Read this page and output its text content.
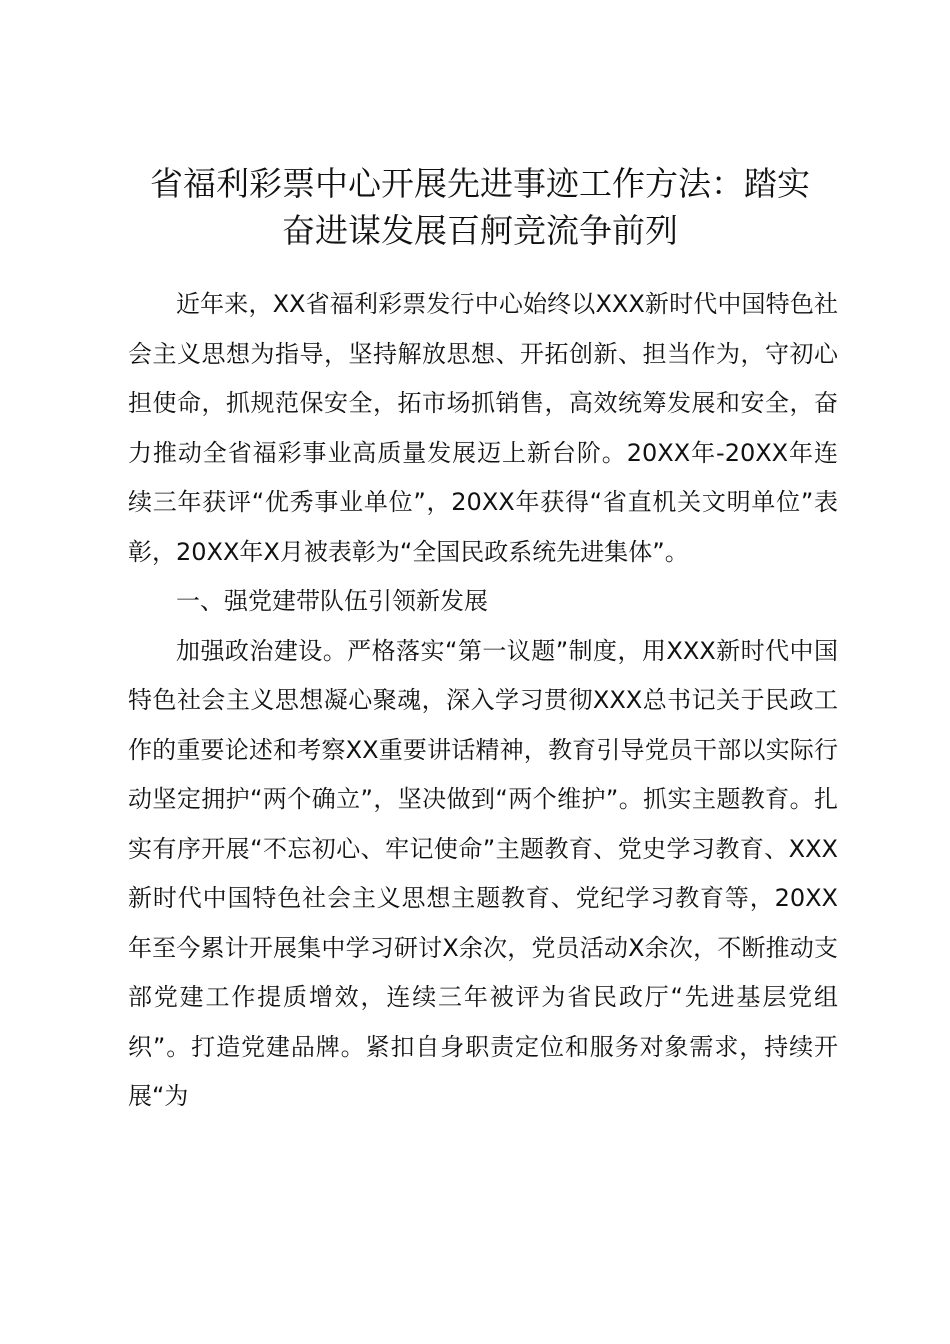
省福利彩票中心开展先进事迹工作方法：踏实
奋进谋发展百舸竞流争前列

近年来，XX省福利彩票发行中心始终以XXX新时代中国特色社会主义思想为指导，坚持解放思想、开拓创新、担当作为，守初心担使命，抓规范保安全，拓市场抓销售，高效统筹发展和安全，奋力推动全省福彩事业高质量发展迈上新台阶。20XX年-20XX年连续三年获评“优秀事业单位”，20XX年获得“省直机关文明单位”表彰，20XX年X月被表彰为“全国民政系统先进集体”。

一、强党建带队伍引领新发展

加强政治建设。严格落实“第一议题”制度，用XXX新时代中国特色社会主义思想凝心聚魂，深入学习贯彻XXX总书记关于民政工作的重要论述和考察XX重要讲话精神，教育引导党员干部以实际行动坚定拥护“两个确立”，坚决做到“两个维护”。抓实主题教育。扎实有序开展“不忘初心、牢记使命”主题教育、党史学习教育、XXX新时代中国特色社会主义思想主题教育、党纪学习教育等，20XX年至今累计开展集中学习研讨X余次，党员活动X余次，不断推动支部党建工作提质增效，连续三年被评为省民政厅“先进基层党组织”。打造党建品牌。紧扣自身职责定位和服务对象需求，持续开展“为
